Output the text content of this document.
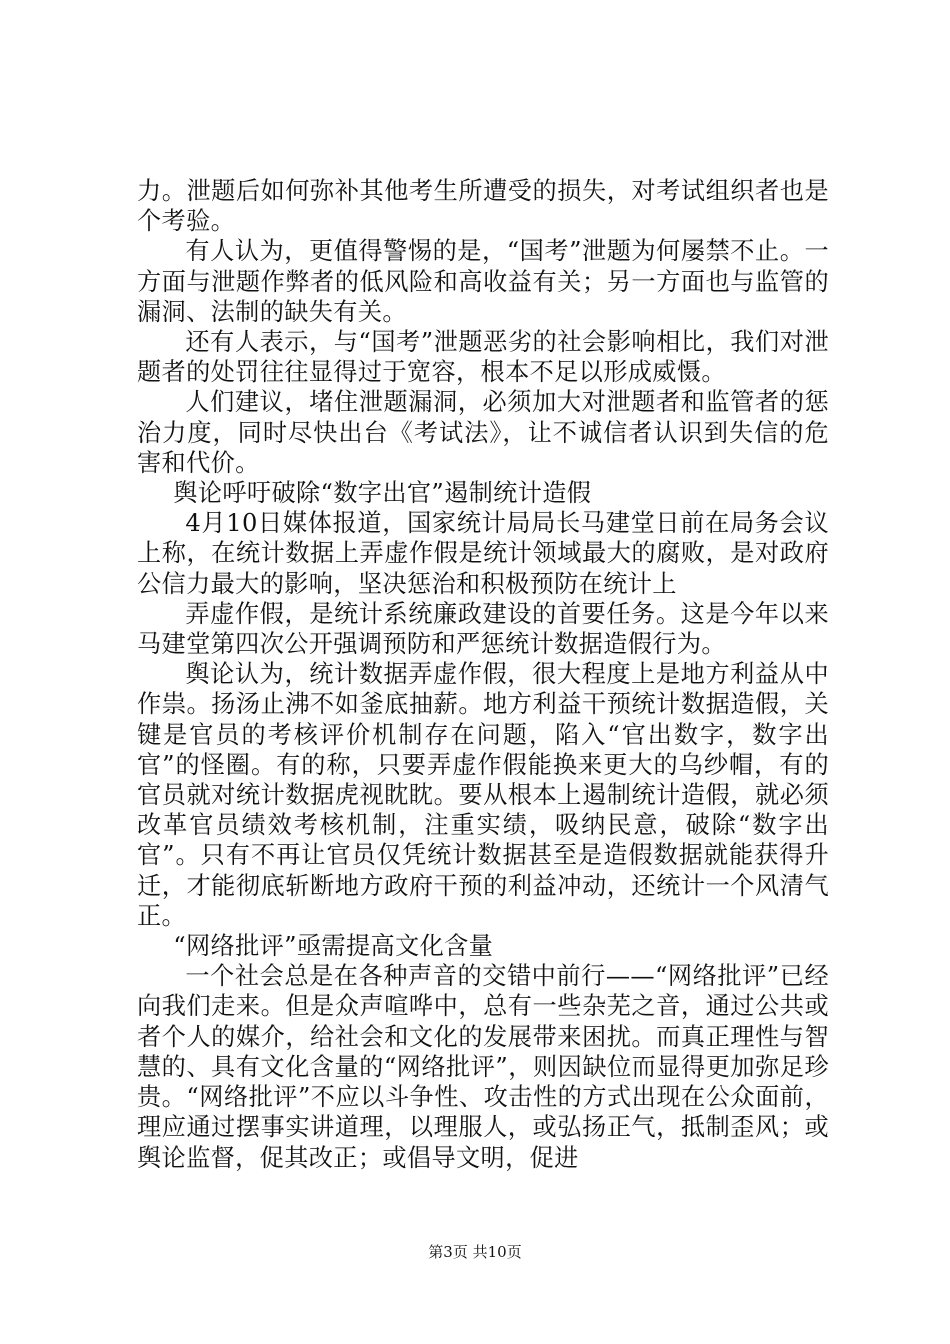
力。泄题后如何弥补其他考生所遭受的损失，对考试组织者也是个考验。

有人认为，更值得警惕的是，“国考”泄题为何屡禁不止。一方面与泄题作弊者的低风险和高收益有关；另一方面也与监管的漏洞、法制的缺失有关。

还有人表示，与“国考”泄题恶劣的社会影响相比，我们对泄题者的处罚往往显得过于宽容，根本不足以形成威慑。

人们建议，堵住泄题漏洞，必须加大对泄题者和监管者的惩治力度，同时尽快出台《考试法》，让不诚信者认识到失信的危害和代价。

舆论呼吁破除“数字出官”遏制统计造假

4月10日媒体报道，国家统计局局长马建堂日前在局务会议上称，在统计数据上弄虚作假是统计领域最大的腐败，是对政府公信力最大的影响，坚决惩治和积极预防在统计上

弄虚作假，是统计系统廉政建设的首要任务。这是今年以来马建堂第四次公开强调预防和严惩统计数据造假行为。

舆论认为，统计数据弄虚作假，很大程度上是地方利益从中作祟。扬汤止沸不如釜底抽薪。地方利益干预统计数据造假，关键是官员的考核评价机制存在问题，陷入“官出数字，数字出官”的怪圈。有的称，只要弄虚作假能换来更大的乌纱帽，有的官员就对统计数据虎视眈眈。要从根本上遏制统计造假，就必须改革官员绩效考核机制，注重实绩，吸纳民意，破除“数字出官”。只有不再让官员仅凭统计数据甚至是造假数据就能获得升迁，才能彻底斩断地方政府干预的利益冲动，还统计一个风清气正。

“网络批评”亟需提高文化含量

一个社会总是在各种声音的交错中前行——“网络批评”已经向我们走来。但是众声喧哗中，总有一些杂芜之音，通过公共或者个人的媒介，给社会和文化的发展带来困扰。而真正理性与智慧的、具有文化含量的“网络批评”，则因缺位而显得更加弥足珍贵。“网络批评”不应以斗争性、攻击性的方式出现在公众面前，理应通过摆事实讲道理，以理服人，或弘扬正气，抵制歪风；或舆论监督，促其改正；或倡导文明，促进

第3页 共10页
